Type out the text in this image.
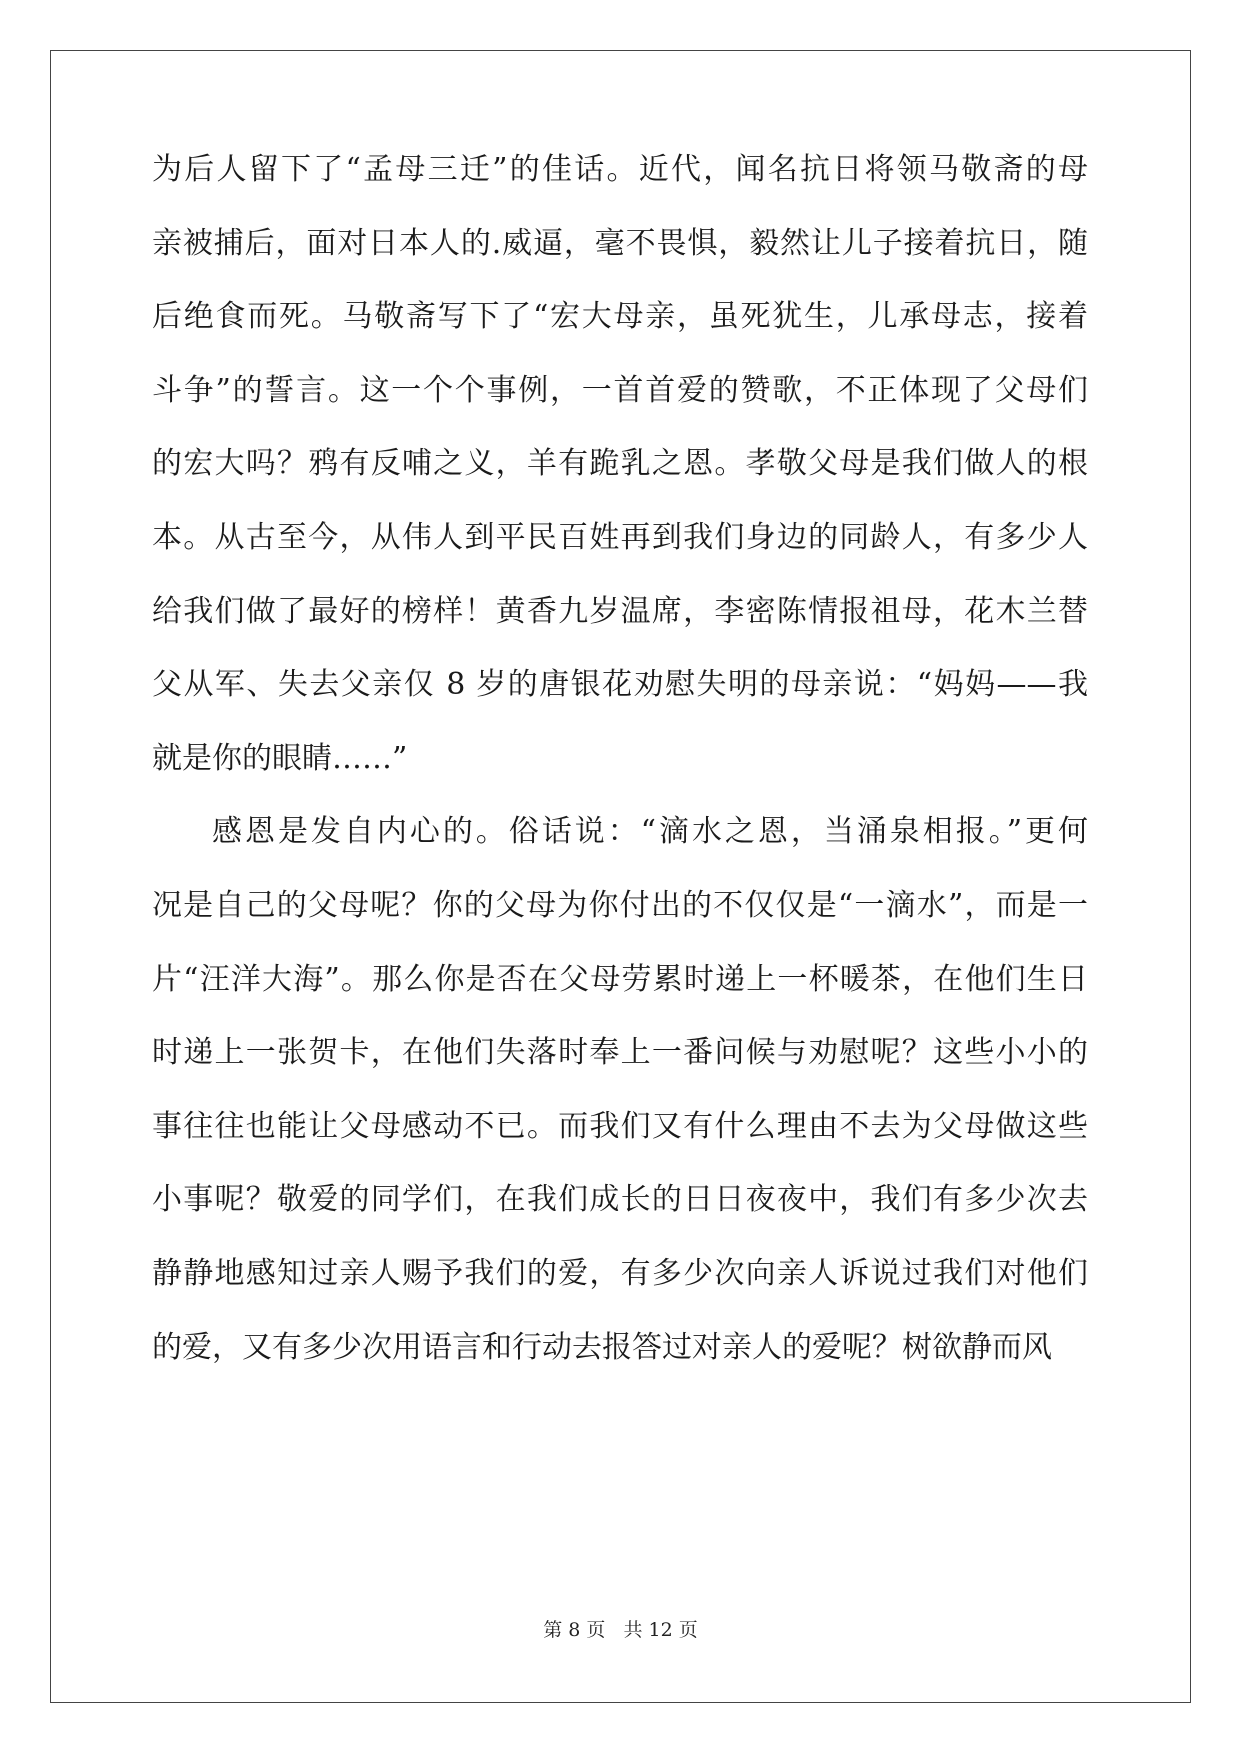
为后人留下了“孟母三迁”的佳话。近代，闻名抗日将领马敬斋的母
亲被捕后，面对日本人的.威逼，毫不畏惧，毅然让儿子接着抗日，随
后绝食而死。马敬斋写下了“宏大母亲，虽死犹生，儿承母志，接着
斗争”的誓言。这一个个事例，一首首爱的赞歌，不正体现了父母们
的宏大吗？鸦有反哺之义，羊有跪乳之恩。孝敬父母是我们做人的根
本。从古至今，从伟人到平民百姓再到我们身边的同龄人，有多少人
给我们做了最好的榜样！黄香九岁温席，李密陈情报祖母，花木兰替
父从军、失去父亲仅 8 岁的唐银花劝慰失明的母亲说：“妈妈——我
就是你的眼睛……”
感恩是发自内心的。俗话说：“滴水之恩，当涌泉相报。”更何
况是自己的父母呢？你的父母为你付出的不仅仅是“一滴水”，而是一
片“汪洋大海”。那么你是否在父母劳累时递上一杯暖茶，在他们生日
时递上一张贺卡，在他们失落时奉上一番问候与劝慰呢？这些小小的
事往往也能让父母感动不已。而我们又有什么理由不去为父母做这些
小事呢？敬爱的同学们，在我们成长的日日夜夜中，我们有多少次去
静静地感知过亲人赐予我们的爱，有多少次向亲人诉说过我们对他们
的爱，又有多少次用语言和行动去报答过对亲人的爱呢？树欲静而风
第 8 页 共 12 页
